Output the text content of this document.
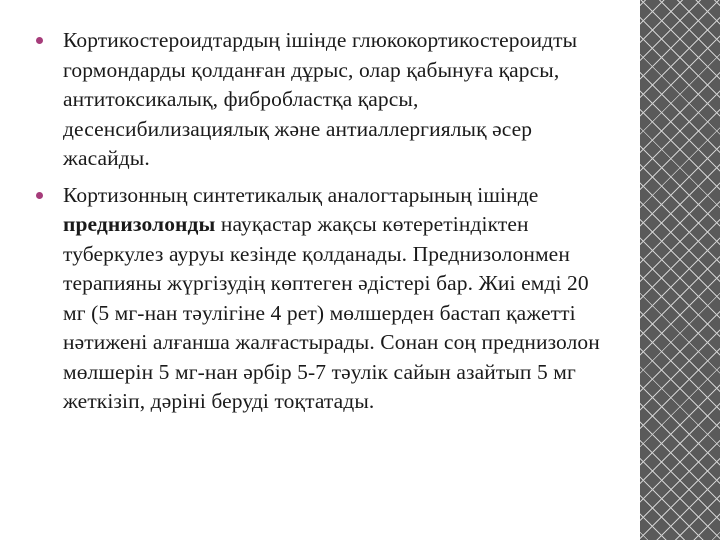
Кортикостероидтардың ішінде глюкокортикостероидты гормондарды қолданған дұрыс, олар қабынуға қарсы, антитоксикалық, фибробластқа қарсы, десенсибилизациялық және антиаллергиялық әсер жасайды.
Кортизонның синтетикалық аналогтарының ішінде преднизолонды науқастар жақсы көтеретіндіктен туберкулез ауруы кезінде қолданады. Преднизолонмен терапияны жүргізудің көптеген әдістері бар. Жиі емді 20 мг (5 мг-нан тәулігіне 4 рет) мөлшерден бастап қажетті нәтижені алғанша жалғастырады. Сонан соң преднизолон мөлшерін 5 мг-нан әрбір 5-7 тәулік сайын азайтып 5 мг жеткізіп, дәріні беруді тоқтатады.
